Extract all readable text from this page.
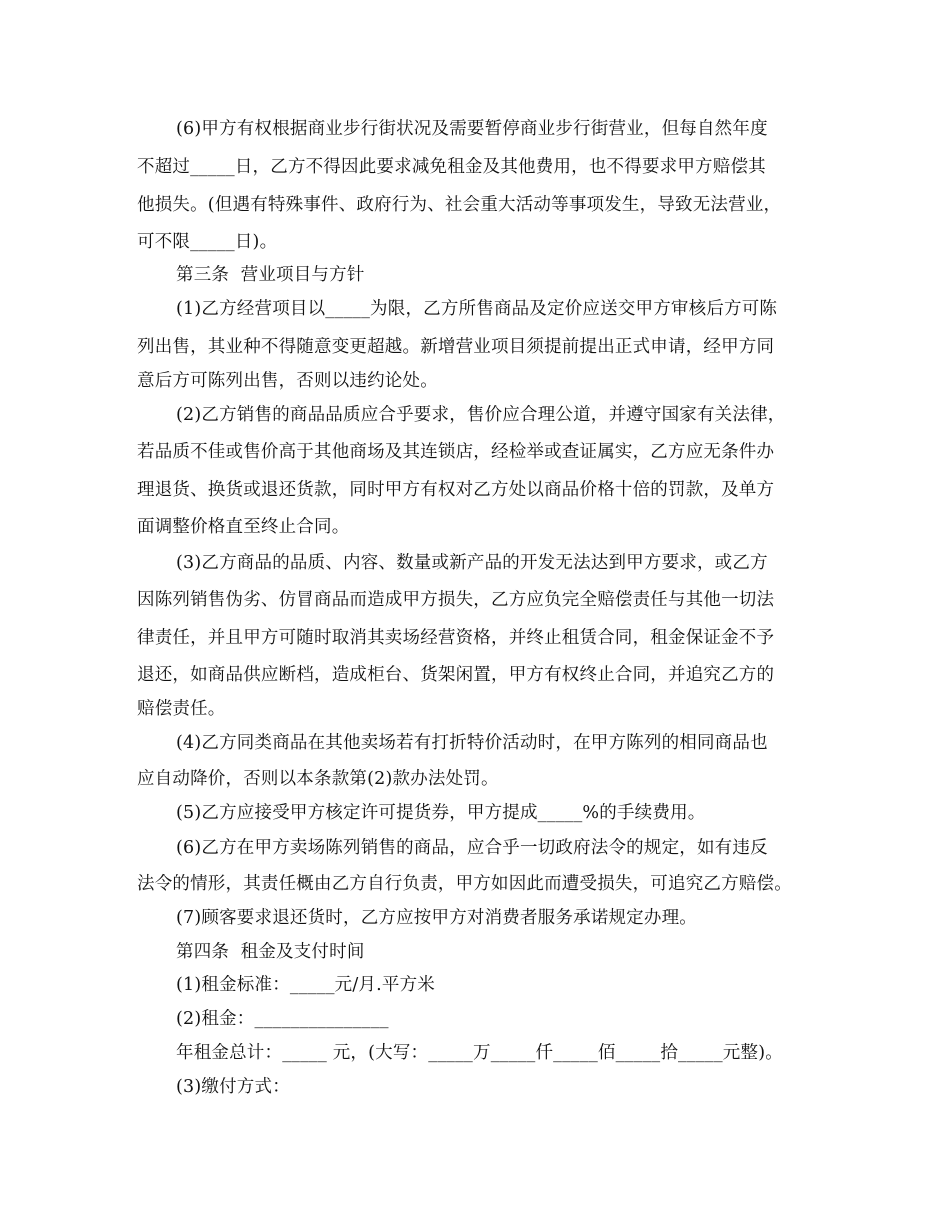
(6)甲方有权根据商业步行街状况及需要暂停商业步行街营业，但每自然年度
不超过_____日，乙方不得因此要求减免租金及其他费用，也不得要求甲方赔偿其
他损失。(但遇有特殊事件、政府行为、社会重大活动等事项发生，导致无法营业，
可不限_____日)。
第三条  营业项目与方针
(1)乙方经营项目以_____为限，乙方所售商品及定价应送交甲方审核后方可陈
列出售，其业种不得随意变更超越。新增营业项目须提前提出正式申请，经甲方同
意后方可陈列出售，否则以违约论处。
(2)乙方销售的商品品质应合乎要求，售价应合理公道，并遵守国家有关法律，
若品质不佳或售价高于其他商场及其连锁店，经检举或查证属实，乙方应无条件办
理退货、换货或退还货款，同时甲方有权对乙方处以商品价格十倍的罚款，及单方
面调整价格直至终止合同。
(3)乙方商品的品质、内容、数量或新产品的开发无法达到甲方要求，或乙方
因陈列销售伪劣、仿冒商品而造成甲方损失，乙方应负完全赔偿责任与其他一切法
律责任，并且甲方可随时取消其卖场经营资格，并终止租赁合同，租金保证金不予
退还，如商品供应断档，造成柜台、货架闲置，甲方有权终止合同，并追究乙方的
赔偿责任。
(4)乙方同类商品在其他卖场若有打折特价活动时，在甲方陈列的相同商品也
应自动降价，否则以本条款第(2)款办法处罚。
(5)乙方应接受甲方核定许可提货券，甲方提成_____%的手续费用。
(6)乙方在甲方卖场陈列销售的商品，应合乎一切政府法令的规定，如有违反
法令的情形，其责任概由乙方自行负责，甲方如因此而遭受损失，可追究乙方赔偿。
(7)顾客要求退还货时，乙方应按甲方对消费者服务承诺规定办理。
第四条  租金及支付时间
(1)租金标准：_____元/月.平方米
(2)租金：_______________
年租金总计：_____ 元，(大写：_____万_____仟_____佰_____拾_____元整)。
(3)缴付方式：
